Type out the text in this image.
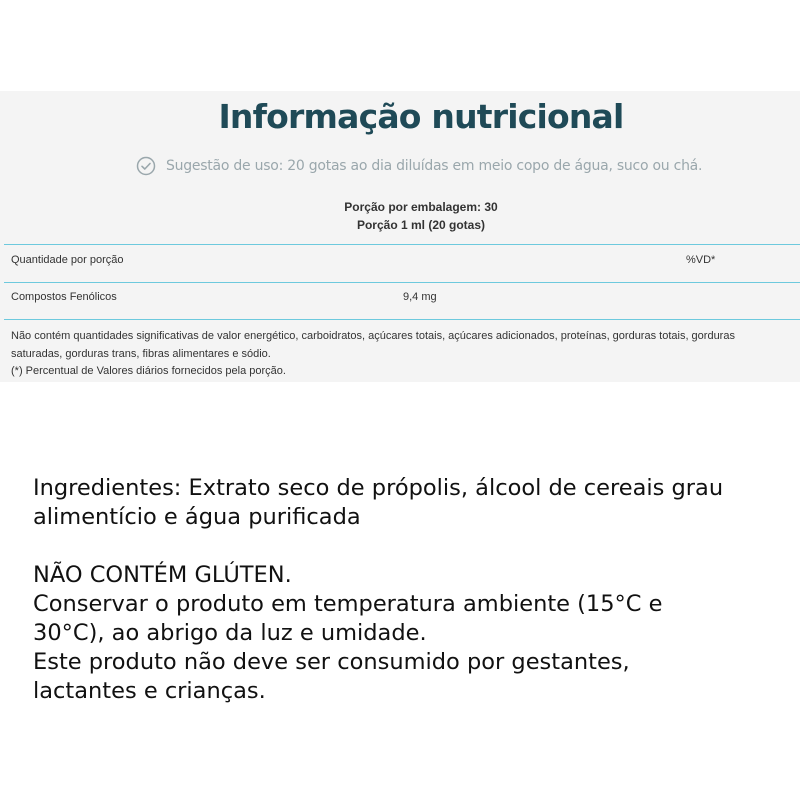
Informação nutricional
Sugestão de uso: 20 gotas ao dia diluídas em meio copo de água, suco ou chá.
Porção por embalagem: 30
Porção 1 ml (20 gotas)
Quantidade por porção	%VD*
Compostos Fenólicos	9,4 mg

Não contém quantidades significativas de valor energético, carboidratos, açúcares totais, açúcares adicionados, proteínas, gorduras totais, gorduras

saturadas, gorduras trans, fibras alimentares e sódio.

(*) Percentual de Valores diários fornecidos pela porção.

Ingredientes: Extrato seco de própolis, álcool de cereais grau

alimentício e água purificada

NÃO CONTÉM GLÚTEN.

Conservar o produto em temperatura ambiente (15°C e

30°C), ao abrigo da luz e umidade.

Este produto não deve ser consumido por gestantes,

lactantes e crianças.
